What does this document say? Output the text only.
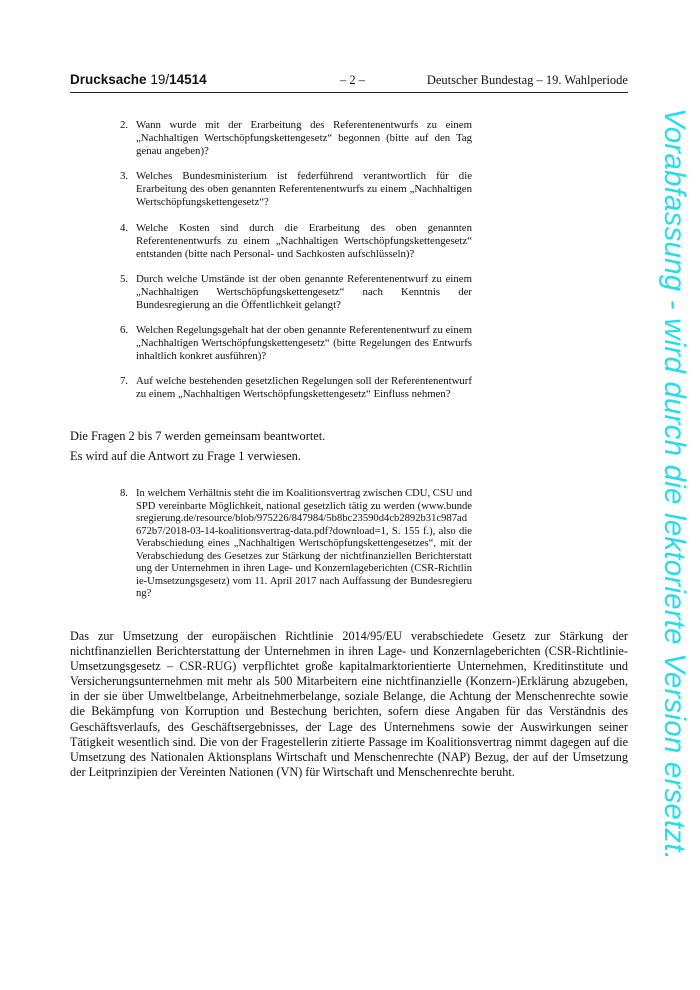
Drucksache 19/14514	– 2 –	Deutscher Bundestag – 19. Wahlperiode
2. Wann wurde mit der Erarbeitung des Referentenentwurfs zu einem „Nachhaltigen Wertschöpfungskettengesetz“ begonnen (bitte auf den Tag genau angeben)?
3. Welches Bundesministerium ist federführend verantwortlich für die Erarbeitung des oben genannten Referentenentwurfs zu einem „Nachhaltigen Wertschöpfungskettengesetz“?
4. Welche Kosten sind durch die Erarbeitung des oben genannten Referentenentwurfs zu einem „Nachhaltigen Wertschöpfungskettengesetz“ entstanden (bitte nach Personal- und Sachkosten aufschlüsseln)?
5. Durch welche Umstände ist der oben genannte Referentenentwurf zu einem „Nachhaltigen Wertschöpfungskettengesetz“ nach Kenntnis der Bundesregierung an die Öffentlichkeit gelangt?
6. Welchen Regelungsgehalt hat der oben genannte Referentenentwurf zu einem „Nachhaltigen Wertschöpfungskettengesetz“ (bitte Regelungen des Entwurfs inhaltlich konkret ausführen)?
7. Auf welche bestehenden gesetzlichen Regelungen soll der Referentenentwurf zu einem „Nachhaltigen Wertschöpfungskettengesetz“ Einfluss nehmen?
Die Fragen 2 bis 7 werden gemeinsam beantwortet.
Es wird auf die Antwort zu Frage 1 verwiesen.
8. In welchem Verhältnis steht die im Koalitionsvertrag zwischen CDU, CSU und SPD vereinbarte Möglichkeit, national gesetzlich tätig zu werden (www.bundesregierung.de/resource/blob/975226/847984/5b8bc23590d4cb2892b31c987ad672b7/2018-03-14-koalitionsvertrag-data.pdf?download=1, S. 155 f.), also die Verabschiedung eines „Nachhaltigen Wertschöpfungskettengesetzes“, mit der Verabschiedung des Gesetzes zur Stärkung der nichtfinanziellen Berichterstattung der Unternehmen in ihren Lage- und Konzernlageberichten (CSR-Richtlinie-Umsetzungsgesetz) vom 11. April 2017 nach Auffassung der Bundesregierung?
Das zur Umsetzung der europäischen Richtlinie 2014/95/EU verabschiedete Gesetz zur Stärkung der nichtfinanziellen Berichterstattung der Unternehmen in ihren Lage- und Konzernlageberichten (CSR-Richtlinie-Umsetzungsgesetz – CSR-RUG) verpflichtet große kapitalmarktorientierte Unternehmen, Kreditinstitute und Versicherungsunternehmen mit mehr als 500 Mitarbeitern eine nichtfinanzielle (Konzern-)Erklärung abzugeben, in der sie über Umweltbelange, Arbeitnehmerbelange, soziale Belange, die Achtung der Menschenrechte sowie die Bekämpfung von Korruption und Bestechung berichten, sofern diese Angaben für das Verständnis des Geschäftsverlaufs, des Geschäftsergebnisses, der Lage des Unternehmens sowie der Auswirkungen seiner Tätigkeit wesentlich sind. Die von der Fragestellerin zitierte Passage im Koalitionsvertrag nimmt dagegen auf die Umsetzung des Nationalen Aktionsplans Wirtschaft und Menschenrechte (NAP) Bezug, der auf der Umsetzung der Leitprinzipien der Vereinten Nationen (VN) für Wirtschaft und Menschenrechte beruht.	Vorabfassung - wird durch die lektorierte Version ersetzt.
